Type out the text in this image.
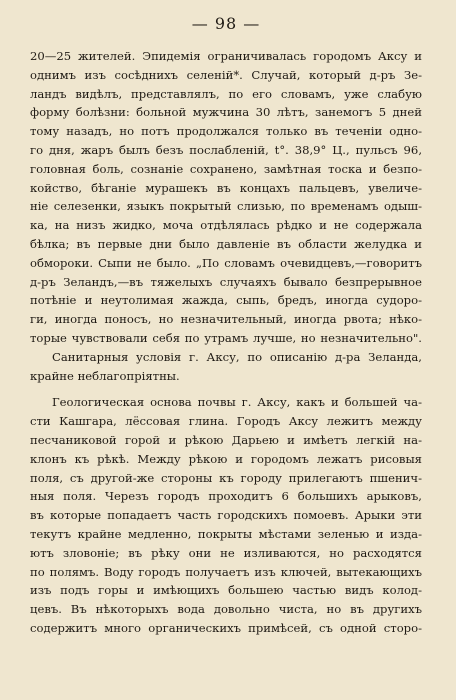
— 98 —
20—25 жителей. Эпидемія ограничивалась городомъ Аксу и
однимъ изъ сосѣднихъ селеній*. Случай, который д-ръ Зе-
ландъ видѣлъ, представлялъ, по его словамъ, уже слабую
форму болѣзни: больной мужчина 30 лѣтъ, занемогъ 5 дней
тому назадъ, но потъ продолжался только въ теченіи одно-
го дня, жаръ былъ безъ послабленій, t°. 38,9° Ц., пульсъ 96,
головная боль, сознаніе сохранено, замѣтная тоска и безпо-
койство, бѣганіе мурашекъ въ концахъ пальцевъ, увеличе-
ніе селезенки, языкъ покрытый слизью, по временамъ одыш-
ка, на низъ жидко, моча отдѣлялась рѣдко и не содержала
бѣлка; въ первые дни было давленіе въ области желудка и
обмороки. Сыпи не было. „По словамъ очевидцевъ,—говоритъ
д-ръ Зеландъ,—въ тяжелыхъ случаяхъ бывало безпрерывное
потѣніе и неутолимая жажда, сыпь, бредъ, иногда судоро-
ги, иногда поносъ, но незначительный, иногда рвота; нѣко-
торые чувствовали себя по утрамъ лучше, но незначительно".
Санитарныя условія г. Аксу, по описанію д-ра Зеланда,
крайне неблагопріятны.
Геологическая основа почвы г. Аксу, какъ и большей ча-
сти Кашгара, лёссовая глина. Городъ Аксу лежитъ между
песчаниковой горой и рѣкою Дарьею и имѣетъ легкій на-
клонъ къ рѣкѣ. Между рѣкою и городомъ лежатъ рисовыя
поля, съ другой-же стороны къ городу прилегаютъ пшенич-
ныя поля. Черезъ городъ проходитъ 6 большихъ арыковъ,
въ которые попадаетъ часть городскихъ помоевъ. Арыки эти
текутъ крайне медленно, покрыты мѣстами зеленью и изда-
ютъ зловоніе; въ рѣку они не изливаются, но расходятся
по полямъ. Воду городъ получаетъ изъ ключей, вытекающихъ
изъ подъ горы и имѣющихъ большею частью видъ колод-
цевъ. Въ нѣкоторыхъ вода довольно чиста, но въ другихъ
содержитъ много органическихъ примѣсей, съ одной сторо-
